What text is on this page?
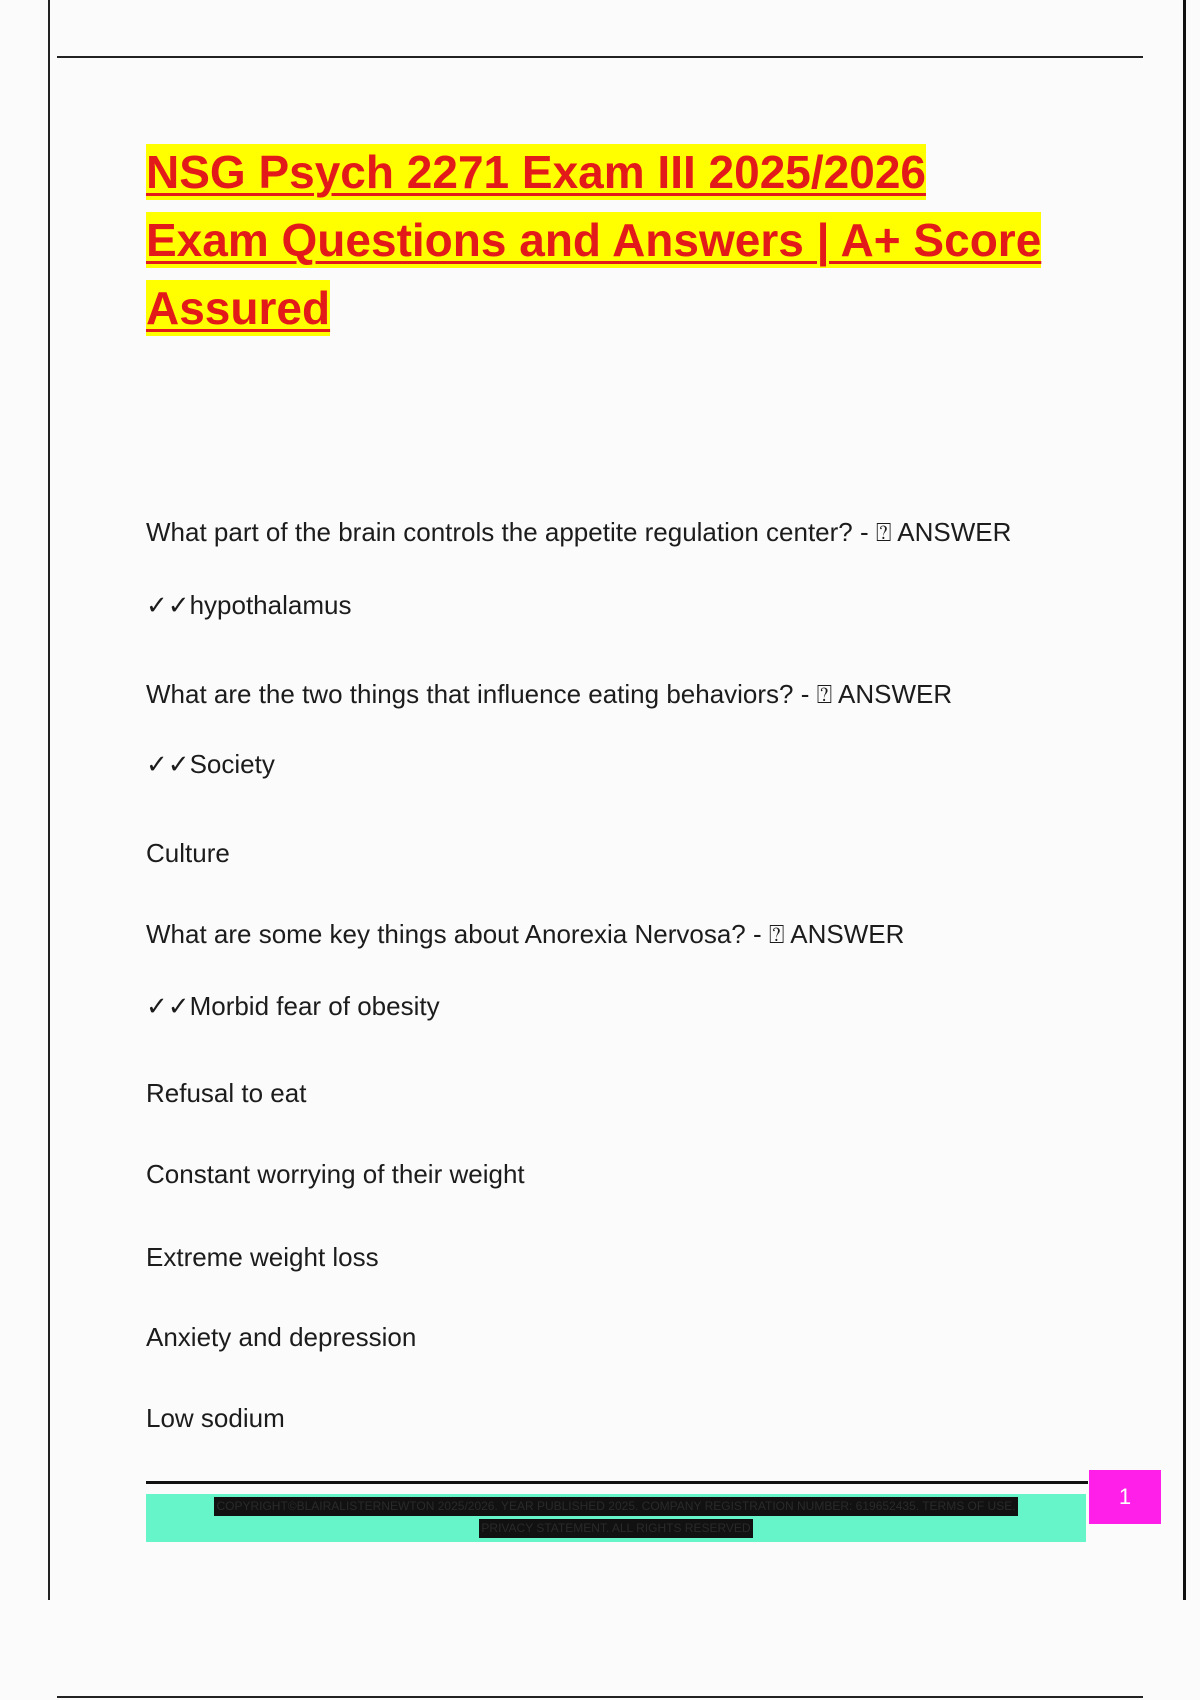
NSG Psych 2271 Exam III 2025/2026
Exam Questions and Answers | A+ Score
Assured
What part of the brain controls the appetite regulation center? - ⍰ ANSWER
✓✓hypothalamus
What are the two things that influence eating behaviors? - ⍰ ANSWER
✓✓Society
Culture
What are some key things about Anorexia Nervosa? - ⍰ ANSWER
✓✓Morbid fear of obesity
Refusal to eat
Constant worrying of their weight
Extreme weight loss
Anxiety and depression
Low sodium
COPYRIGHT©BLAIRALISTERNEWTON 2025/2026. YEAR PUBLISHED 2025. COMPANY REGISTRATION NUMBER: 619652435. TERMS OF USE.
PRIVACY STATEMENT. ALL RIGHTS RESERVED
1
